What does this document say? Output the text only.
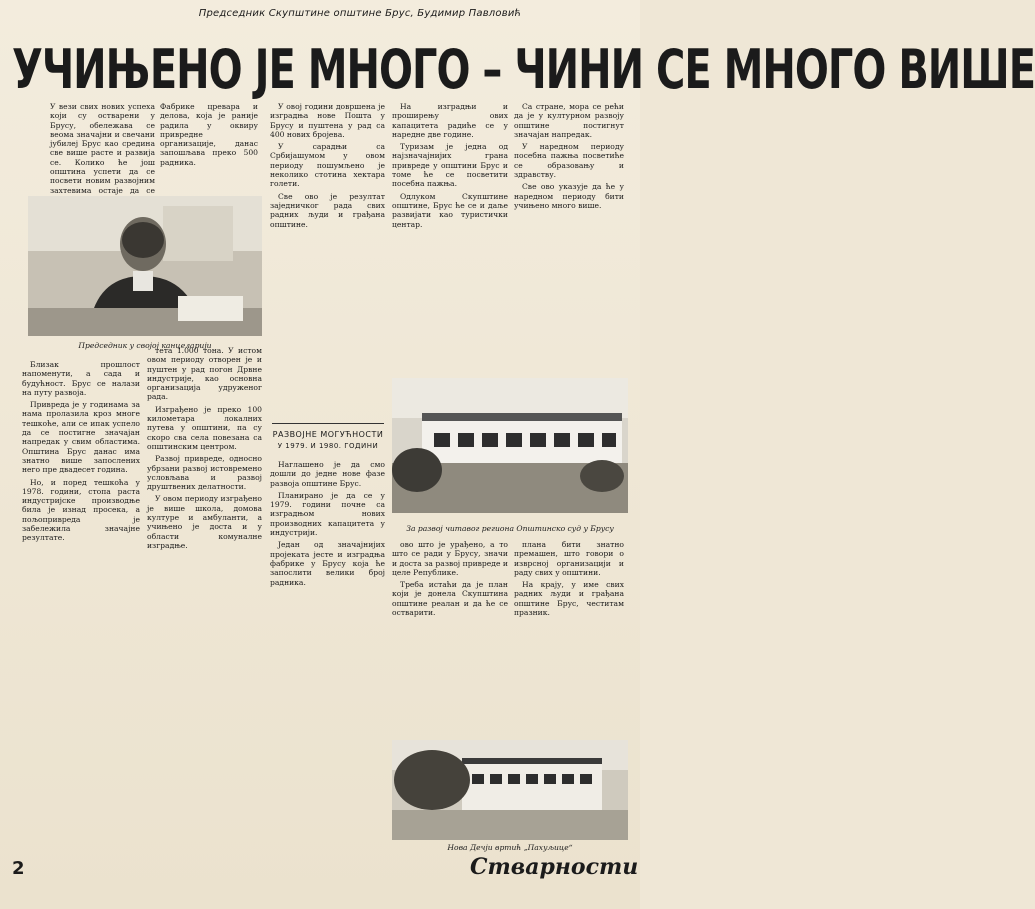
Председник Скупштине општине Брус, Будимир Павловић
УЧИЊЕНО ЈЕ МНОГО – ЧИНИ СЕ МНОГО ВИШЕ
У вези свих нових успеха који су остварени у Брусу, обележава се веома значајни и свечани јубилеј Брус као средина све више расте и развија се. Колико ће још општина успети да се посвети новим развојним захтевима остаје да се
Фабрике цревара и делова, која је раније радила у оквиру привредне организације, данас запошљава преко 500 радника.
Председник у својој канцеларији

Близак прошлост напоменути, а сада и будућност. Брус се налази на путу развоја.

Привреда је у годинама за нама пролазила кроз многе тешкоће, али се ипак успело да се постигне значајан напредак у свим областима. Општина Брус данас има знатно више запослених него пре двадесет година.

Но, и поред тешкоћа у 1978. години, стопа раста индустријске производње била је изнад просека, а пољопривреда је забележила значајне резултате.

тета 1.000 тона. У истом овом периоду отворен је и пуштен у рад погон Дрвне индустрије, као основна организација удруженог рада.

Изграђено је преко 100 километара локалних путева у општини, па су скоро сва села повезана са општинским центром.

Развој привреде, односно убрзани развој истовремено условљава и развој друштвених делатности.

У овом периоду изграђено је више школа, домова културе и амбуланти, а учињено је доста и у области комуналне изградње.

У овој години довршена је изградња нове Пошта у Брусу и пуштена у рад са 400 нових бројева.

У сарадњи са Србијашумом у овом периоду пошумљено је неколико стотина хектара голети.

Све ово је резултат заједничког рада свих радних људи и грађана општине.

РАЗВОЈНЕ МОГУЋНОСТИ
У 1979. И 1980. ГОДИНИ

Наглашено је да смо дошли до једне нове фазе развоја општине Брус.

Планирано је да се у 1979. години почне са изградњом нових производних капацитета у индустрији.

Један од значајнијих пројеката јесте и изградња фабрике у Брусу која ће запослити велики број радника.

На изградњи и проширењу ових капацитета радиће се у наредне две године.

Туризам је једна од најзначајнијих грана привреде у општини Брус и томе ће се посветити посебна пажња.

Одлуком Скупштине општине, Брус ће се и даље развијати као туристички центар.

Са стране, мора се рећи да је у културном развоју општине постигнут значајан напредак.

У наредном периоду посебна пажња посветиће се образовању и здравству.

Све ово указује да ће у наредном периоду бити учињено много више.

За развој читавог региона Општинско суд у Брусу

ово што је урађено, а то што се ради у Брусу, значи и доста за развој привреде и целе Републике.

Треба истаћи да је план који је донела Скупштина општине реалан и да ће се остварити.

плана бити знатно премашен, што говори о изврсној организацији и раду свих у општини.

На крају, у име свих радних људи и грађана општине Брус, честитам празник.

Нова Дечји вртић „Пахуљице“
2	Стварности
